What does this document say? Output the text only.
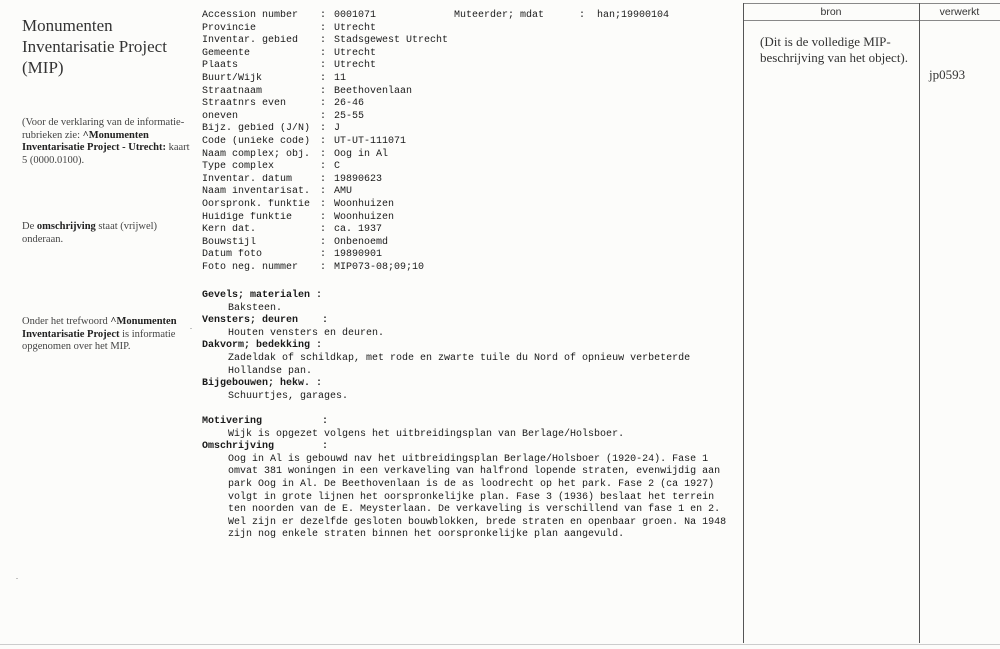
Monumenten Inventarisatie Project (MIP)
(Voor de verklaring van de informatie-rubrieken zie: ^Monumenten Inventarisatie Project - Utrecht: kaart 5 (0000.0100).
De omschrijving staat (vrijwel) onderaan.
Onder het trefwoord ^Monumenten Inventarisatie Project is informatie opgenomen over het MIP.
.
.
Accession number	: 0001071	Muteerder; mdat	: han;19900104
Provincie	: Utrecht
Inventar. gebied	: Stadsgewest Utrecht
Gemeente	: Utrecht
Plaats	: Utrecht
Buurt/Wijk	: 11
Straatnaam	: Beethovenlaan
Straatnrs even	: 26-46
oneven	: 25-55
Bijz. gebied (J/N) : J
Code (unieke code) : UT-UT-111071
Naam complex; obj. : Oog in Al
Type complex	: C
Inventar. datum	: 19890623
Naam inventarisat. : AMU
Oorspronk. funktie : Woonhuizen
Huidige funktie	: Woonhuizen
Kern dat.	: ca. 1937
Bouwstijl	: Onbenoemd
Datum foto	: 19890901
Foto neg. nummer	: MIP073-08;09;10
Gevels; materialen :
Baksteen.
Vensters; deuren    :
Houten vensters en deuren.
Dakvorm; bedekking :
Zadeldak of schildkap, met rode en zwarte tuile du Nord of opnieuw verbeterde Hollandse pan.
Bijgebouwen; hekw. :
Schuurtjes, garages.
Motivering          :
Wijk is opgezet volgens het uitbreidingsplan van Berlage/Holsboer.
Omschrijving        :
Oog in Al is gebouwd nav het uitbreidingsplan Berlage/Holsboer (1920-24). Fase 1 omvat 381 woningen in een verkaveling van halfrond lopende straten, evenwijdig aan park Oog in Al. De Beethovenlaan is de as loodrecht op het park. Fase 2 (ca 1927) volgt in grote lijnen het oorspronkelijke plan. Fase 3 (1936) beslaat het terrein ten noorden van de E. Meysterlaan. De verkaveling is verschillend van fase 1 en 2. Wel zijn er dezelfde gesloten bouwblokken, brede straten en openbaar groen. Na 1948 zijn nog enkele straten binnen het oorspronkelijke plan aangevuld.
bron	verwerkt
(Dit is de volledige MIP-beschrijving van het object).
jp0593
